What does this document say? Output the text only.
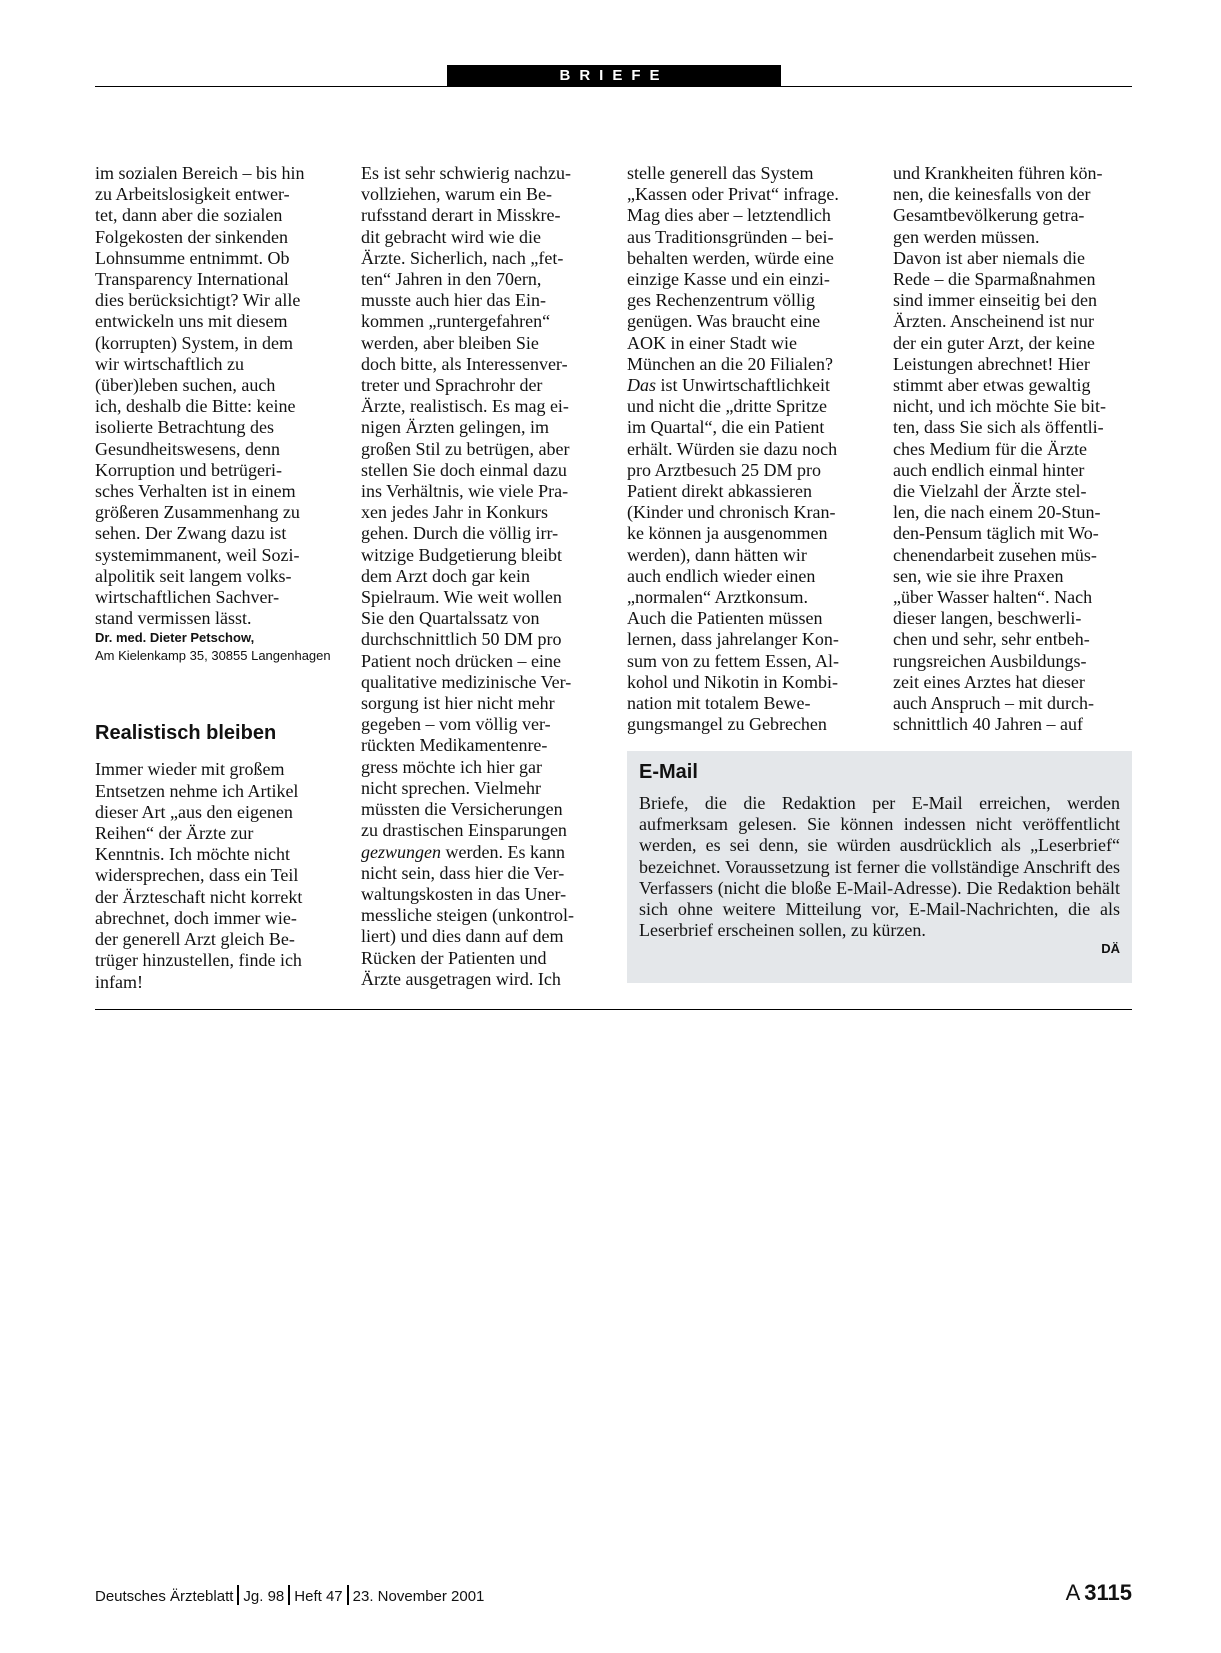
BRIEFE

im sozialen Bereich – bis hin
zu Arbeitslosigkeit entwer-
tet, dann aber die sozialen
Folgekosten der sinkenden
Lohnsumme entnimmt. Ob
Transparency International
dies berücksichtigt? Wir alle
entwickeln uns mit diesem
(korrupten) System, in dem
wir wirtschaftlich zu
(über)leben suchen, auch
ich, deshalb die Bitte: keine
isolierte Betrachtung des
Gesundheitswesens, denn
Korruption und betrügeri-
sches Verhalten ist in einem
größeren Zusammenhang zu
sehen. Der Zwang dazu ist
systemimmanent, weil Sozi-
alpolitik seit langem volks-
wirtschaftlichen Sachver-
stand vermissen lässt.

Dr. med. Dieter Petschow,
Am Kielenkamp 35, 30855 Langenhagen
Realistisch bleiben

Immer wieder mit großem
Entsetzen nehme ich Artikel
dieser Art „aus den eigenen
Reihen“ der Ärzte zur
Kenntnis. Ich möchte nicht
widersprechen, dass ein Teil
der Ärzteschaft nicht korrekt
abrechnet, doch immer wie-
der generell Arzt gleich Be-
trüger hinzustellen, finde ich
infam!

Es ist sehr schwierig nachzu-
vollziehen, warum ein Be-
rufsstand derart in Misskre-
dit gebracht wird wie die
Ärzte. Sicherlich, nach „fet-
ten“ Jahren in den 70ern,
musste auch hier das Ein-
kommen „runtergefahren“
werden, aber bleiben Sie
doch bitte, als Interessenver-
treter und Sprachrohr der
Ärzte, realistisch. Es mag ei-
nigen Ärzten gelingen, im
großen Stil zu betrügen, aber
stellen Sie doch einmal dazu
ins Verhältnis, wie viele Pra-
xen jedes Jahr in Konkurs
gehen. Durch die völlig irr-
witzige Budgetierung bleibt
dem Arzt doch gar kein
Spielraum. Wie weit wollen
Sie den Quartalssatz von
durchschnittlich 50 DM pro
Patient noch drücken – eine
qualitative medizinische Ver-
sorgung ist hier nicht mehr
gegeben – vom völlig ver-
rückten Medikamentenre-
gress möchte ich hier gar
nicht sprechen. Vielmehr
müssten die Versicherungen
zu drastischen Einsparungen
gezwungen werden. Es kann
nicht sein, dass hier die Ver-
waltungskosten in das Uner-
messliche steigen (unkontrol-
liert) und dies dann auf dem
Rücken der Patienten und
Ärzte ausgetragen wird. Ich

stelle generell das System
„Kassen oder Privat“ infrage.
Mag dies aber – letztendlich
aus Traditionsgründen – bei-
behalten werden, würde eine
einzige Kasse und ein einzi-
ges Rechenzentrum völlig
genügen. Was braucht eine
AOK in einer Stadt wie
München an die 20 Filialen?
Das ist Unwirtschaftlichkeit
und nicht die „dritte Spritze
im Quartal“, die ein Patient
erhält. Würden sie dazu noch
pro Arztbesuch 25 DM pro
Patient direkt abkassieren
(Kinder und chronisch Kran-
ke können ja ausgenommen
werden), dann hätten wir
auch endlich wieder einen
„normalen“ Arztkonsum.
Auch die Patienten müssen
lernen, dass jahrelanger Kon-
sum von zu fettem Essen, Al-
kohol und Nikotin in Kombi-
nation mit totalem Bewe-
gungsmangel zu Gebrechen

und Krankheiten führen kön-
nen, die keinesfalls von der
Gesamtbevölkerung getra-
gen werden müssen.
Davon ist aber niemals die
Rede – die Sparmaßnahmen
sind immer einseitig bei den
Ärzten. Anscheinend ist nur
der ein guter Arzt, der keine
Leistungen abrechnet! Hier
stimmt aber etwas gewaltig
nicht, und ich möchte Sie bit-
ten, dass Sie sich als öffentli-
ches Medium für die Ärzte
auch endlich einmal hinter
die Vielzahl der Ärzte stel-
len, die nach einem 20-Stun-
den-Pensum täglich mit Wo-
chenendarbeit zusehen müs-
sen, wie sie ihre Praxen
„über Wasser halten“. Nach
dieser langen, beschwerli-
chen und sehr, sehr entbeh-
rungsreichen Ausbildungs-
zeit eines Arztes hat dieser
auch Anspruch – mit durch-
schnittlich 40 Jahren – auf

E-Mail

Briefe, die die Redaktion per E-Mail erreichen, werden aufmerksam gelesen. Sie können indessen nicht veröffentlicht werden, es sei denn, sie würden ausdrücklich als „Leserbrief“ bezeichnet. Voraussetzung ist ferner die vollständige Anschrift des Verfassers (nicht die bloße E-Mail-Adresse). Die Redaktion behält sich ohne weitere Mitteilung vor, E-Mail-Nachrichten, die als Leserbrief erscheinen sollen, zu kürzen.

DÄ
Deutsches Ärzteblatt Jg. 98 Heft 47 23. November 2001	A 3115
